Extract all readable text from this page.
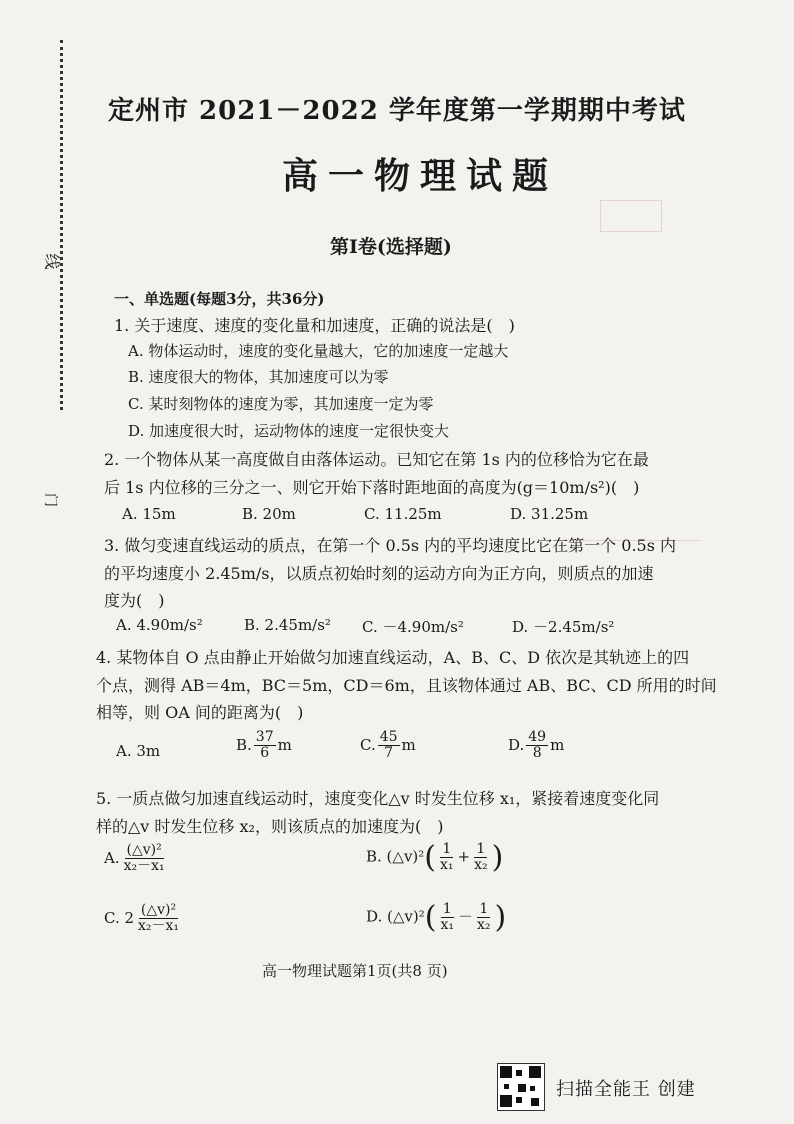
线
门
定州市 2021－2022 学年度第一学期期中考试
高一物理试题
第Ⅰ卷(选择题)
一、单选题(每题3分，共36分)
1. 关于速度、速度的变化量和加速度，正确的说法是(　)
A. 物体运动时，速度的变化量越大，它的加速度一定越大
B. 速度很大的物体，其加速度可以为零
C. 某时刻物体的速度为零，其加速度一定为零
D. 加速度很大时，运动物体的速度一定很快变大
2. 一个物体从某一高度做自由落体运动。已知它在第 1s 内的位移恰为它在最
后 1s 内位移的三分之一、则它开始下落时距地面的高度为(g＝10m/s²)(　)
A. 15m	B. 20m	C. 11.25m	D. 31.25m
3. 做匀变速直线运动的质点，在第一个 0.5s 内的平均速度比它在第一个 0.5s 内
的平均速度小 2.45m/s，以质点初始时刻的运动方向为正方向，则质点的加速
度为(　)
A. 4.90m/s²	B. 2.45m/s² C. －4.90m/s²	D. －2.45m/s²
4. 某物体自 O 点由静止开始做匀加速直线运动，A、B、C、D 依次是其轨迹上的四
个点，测得 AB＝4m，BC＝5m，CD＝6m，且该物体通过 AB、BC、CD 所用的时间
相等，则 OA 间的距离为(　)
A. 3m	B. $\frac{37}{6}$ m	C. $\frac{45}{7}$ m	D. $\frac{49}{8}$ m
5. 一质点做匀加速直线运动时，速度变化△v 时发生位移 x₁，紧接着速度变化同
样的△v 时发生位移 x₂，则该质点的加速度为(　)
A. $\frac{\text{(△v)²}}{\text{x₂－x₁}}$	B. (△v)²( $\frac{1}{\text{x₁}} + \frac{1}{\text{x₂}}$ )
C. $2 \frac{\text{(△v)²}}{\text{x₂－x₁}}$	D. (△v)²( $\frac{1}{\text{x₁}} - \frac{1}{\text{x₂}}$ )
高一物理试题第1页(共8 页)
扫描全能王 创建
